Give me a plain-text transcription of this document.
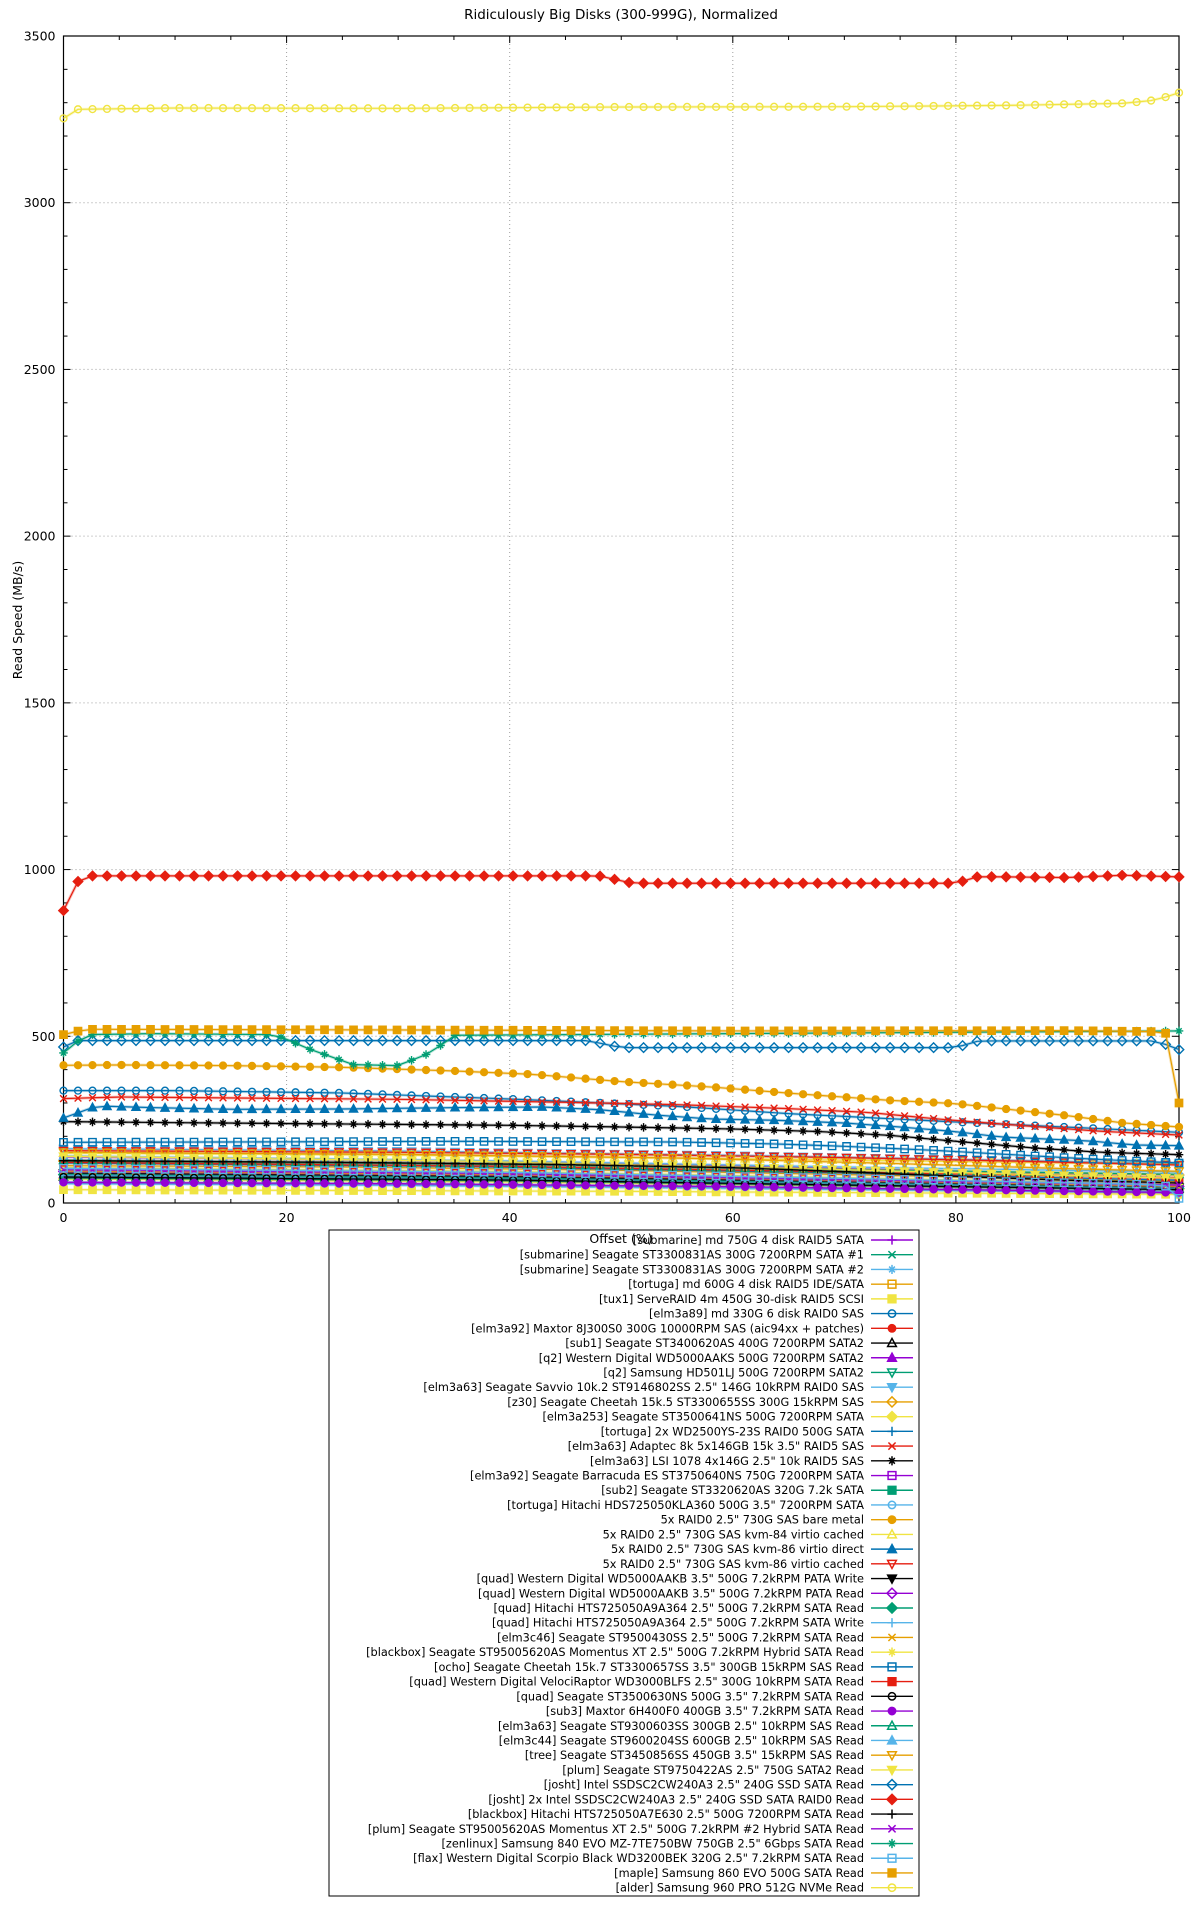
Ridiculously Big Disks (300-999G), Normalized
Read Speed (MB/s)
Offset (%)
0
500
1000
1500
2000
2500
3000
3500
0	20	40	60	80	100
[submarine] md 750G 4 disk RAID5 SATA
[submarine] Seagate ST3300831AS 300G 7200RPM SATA #1
[submarine] Seagate ST3300831AS 300G 7200RPM SATA #2
[tortuga] md 600G 4 disk RAID5 IDE/SATA
[tux1] ServeRAID 4m 450G 30-disk RAID5 SCSI
[elm3a89] md 330G 6 disk RAID0 SAS
[elm3a92] Maxtor 8J300S0 300G 10000RPM SAS (aic94xx + patches)
[sub1] Seagate ST3400620AS 400G 7200RPM SATA2
[q2] Western Digital WD5000AAKS 500G 7200RPM SATA2
[q2] Samsung HD501LJ 500G 7200RPM SATA2
[elm3a63] Seagate Savvio 10k.2 ST9146802SS 2.5" 146G 10kRPM RAID0 SAS
[z30] Seagate Cheetah 15k.5 ST3300655SS 300G 15kRPM SAS
[elm3a253] Seagate ST3500641NS 500G 7200RPM SATA
[tortuga] 2x WD2500YS-23S RAID0 500G SATA
[elm3a63] Adaptec 8k 5x146GB 15k 3.5" RAID5 SAS
[elm3a63] LSI 1078 4x146G 2.5" 10k RAID5 SAS
[elm3a92] Seagate Barracuda ES ST3750640NS 750G 7200RPM SATA
[sub2] Seagate ST3320620AS 320G 7.2k SATA
[tortuga] Hitachi HDS725050KLA360 500G 3.5" 7200RPM SATA
5x RAID0 2.5" 730G SAS bare metal
5x RAID0 2.5" 730G SAS kvm-84 virtio cached
5x RAID0 2.5" 730G SAS kvm-86 virtio direct
5x RAID0 2.5" 730G SAS kvm-86 virtio cached
[quad] Western Digital WD5000AAKB 3.5" 500G 7.2kRPM PATA Write
[quad] Western Digital WD5000AAKB 3.5" 500G 7.2kRPM PATA Read
[quad] Hitachi HTS725050A9A364 2.5" 500G 7.2kRPM SATA Read
[quad] Hitachi HTS725050A9A364 2.5" 500G 7.2kRPM SATA Write
[elm3c46] Seagate ST9500430SS 2.5" 500G 7.2kRPM SATA Read
[blackbox] Seagate ST95005620AS Momentus XT 2.5" 500G 7.2kRPM Hybrid SATA Read
[ocho] Seagate Cheetah 15k.7 ST3300657SS 3.5" 300GB 15kRPM SAS Read
[quad] Western Digital VelociRaptor WD3000BLFS 2.5" 300G 10kRPM SATA Read
[quad] Seagate ST3500630NS 500G 3.5" 7.2kRPM SATA Read
[sub3] Maxtor 6H400F0 400GB 3.5" 7.2kRPM SATA Read
[elm3a63] Seagate ST9300603SS 300GB 2.5" 10kRPM SAS Read
[elm3c44] Seagate ST9600204SS 600GB 2.5" 10kRPM SAS Read
[tree] Seagate ST3450856SS 450GB 3.5" 15kRPM SAS Read
[plum] Seagate ST9750422AS 2.5" 750G SATA2 Read
[josht] Intel SSDSC2CW240A3 2.5" 240G SSD SATA Read
[josht] 2x Intel SSDSC2CW240A3 2.5" 240G SSD SATA RAID0 Read
[blackbox] Hitachi HTS725050A7E630 2.5" 500G 7200RPM SATA Read
[plum] Seagate ST95005620AS Momentus XT 2.5" 500G 7.2kRPM #2 Hybrid SATA Read
[zenlinux] Samsung 840 EVO MZ-7TE750BW 750GB 2.5" 6Gbps SATA Read
[flax] Western Digital Scorpio Black WD3200BEK 320G 2.5" 7.2kRPM SATA Read
[maple] Samsung 860 EVO 500G SATA Read
[alder] Samsung 960 PRO 512G NVMe Read
